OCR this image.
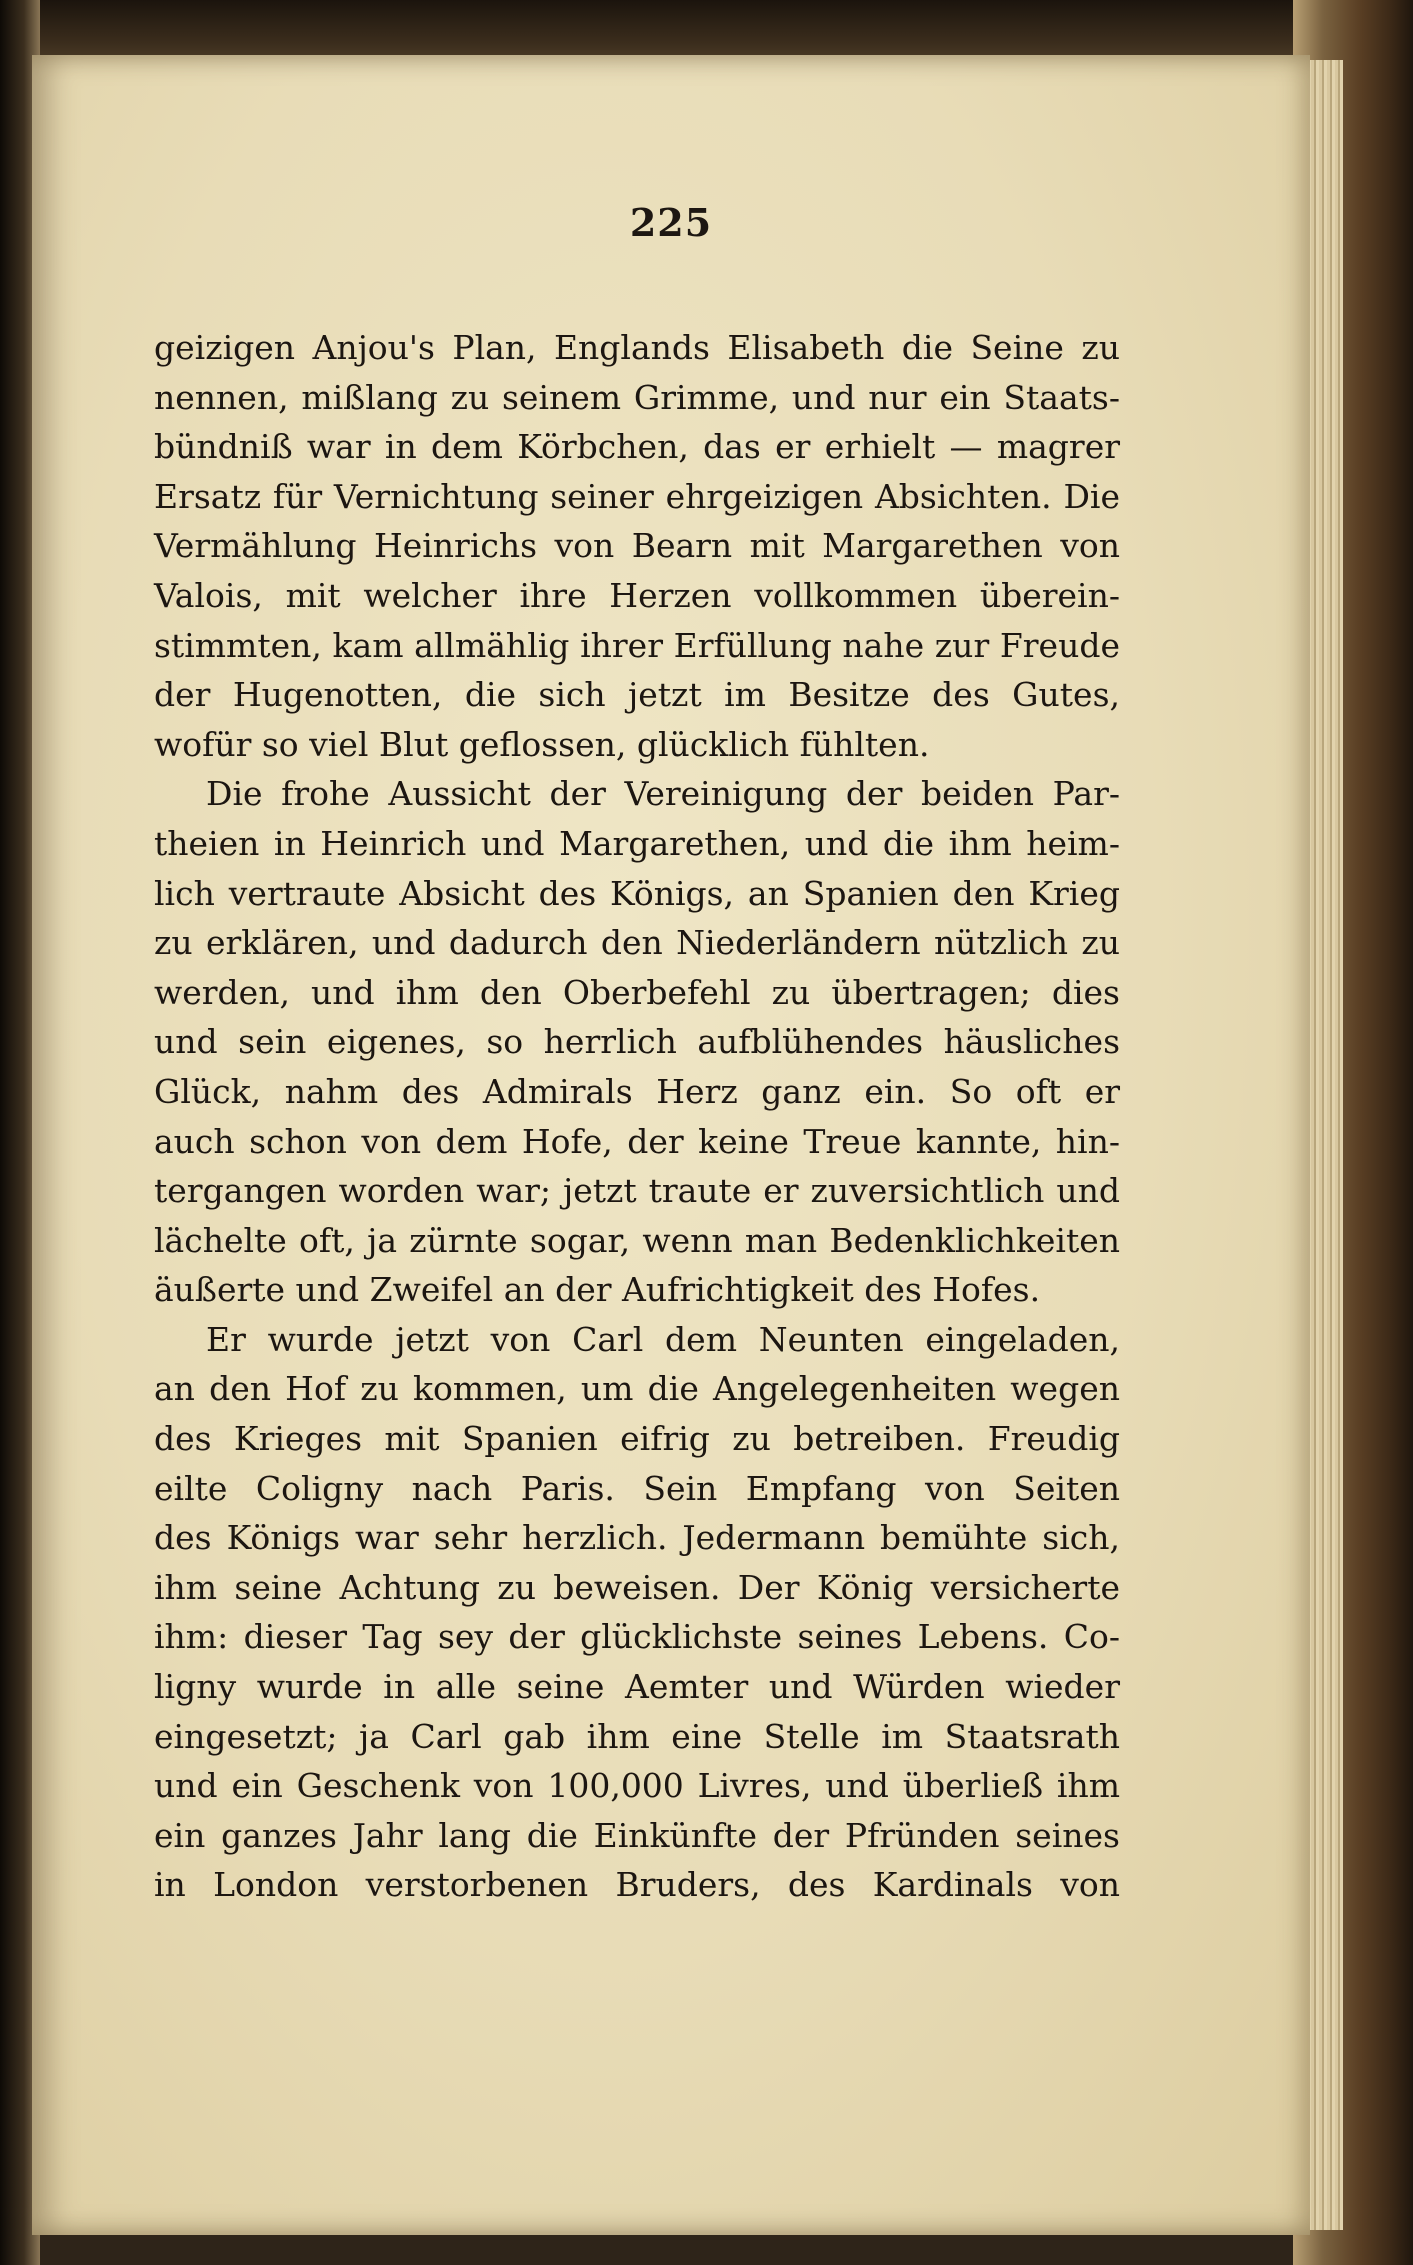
225
geizigen Anjou's Plan, Englands Elisabeth die Seine zu
nennen, mißlang zu seinem Grimme, und nur ein Staats-
bündniß war in dem Körbchen, das er erhielt — magrer
Ersatz für Vernichtung seiner ehrgeizigen Absichten. Die
Vermählung Heinrichs von Bearn mit Margarethen von
Valois, mit welcher ihre Herzen vollkommen überein-
stimmten, kam allmählig ihrer Erfüllung nahe zur Freude
der Hugenotten, die sich jetzt im Besitze des Gutes,
wofür so viel Blut geflossen, glücklich fühlten.
Die frohe Aussicht der Vereinigung der beiden Par-
theien in Heinrich und Margarethen, und die ihm heim-
lich vertraute Absicht des Königs, an Spanien den Krieg
zu erklären, und dadurch den Niederländern nützlich zu
werden, und ihm den Oberbefehl zu übertragen; dies
und sein eigenes, so herrlich aufblühendes häusliches
Glück, nahm des Admirals Herz ganz ein. So oft er
auch schon von dem Hofe, der keine Treue kannte, hin-
tergangen worden war; jetzt traute er zuversichtlich und
lächelte oft, ja zürnte sogar, wenn man Bedenklichkeiten
äußerte und Zweifel an der Aufrichtigkeit des Hofes.
Er wurde jetzt von Carl dem Neunten eingeladen,
an den Hof zu kommen, um die Angelegenheiten wegen
des Krieges mit Spanien eifrig zu betreiben. Freudig
eilte Coligny nach Paris. Sein Empfang von Seiten
des Königs war sehr herzlich. Jedermann bemühte sich,
ihm seine Achtung zu beweisen. Der König versicherte
ihm: dieser Tag sey der glücklichste seines Lebens. Co-
ligny wurde in alle seine Aemter und Würden wieder
eingesetzt; ja Carl gab ihm eine Stelle im Staatsrath
und ein Geschenk von 100,000 Livres, und überließ ihm
ein ganzes Jahr lang die Einkünfte der Pfründen seines
in London verstorbenen Bruders, des Kardinals von
